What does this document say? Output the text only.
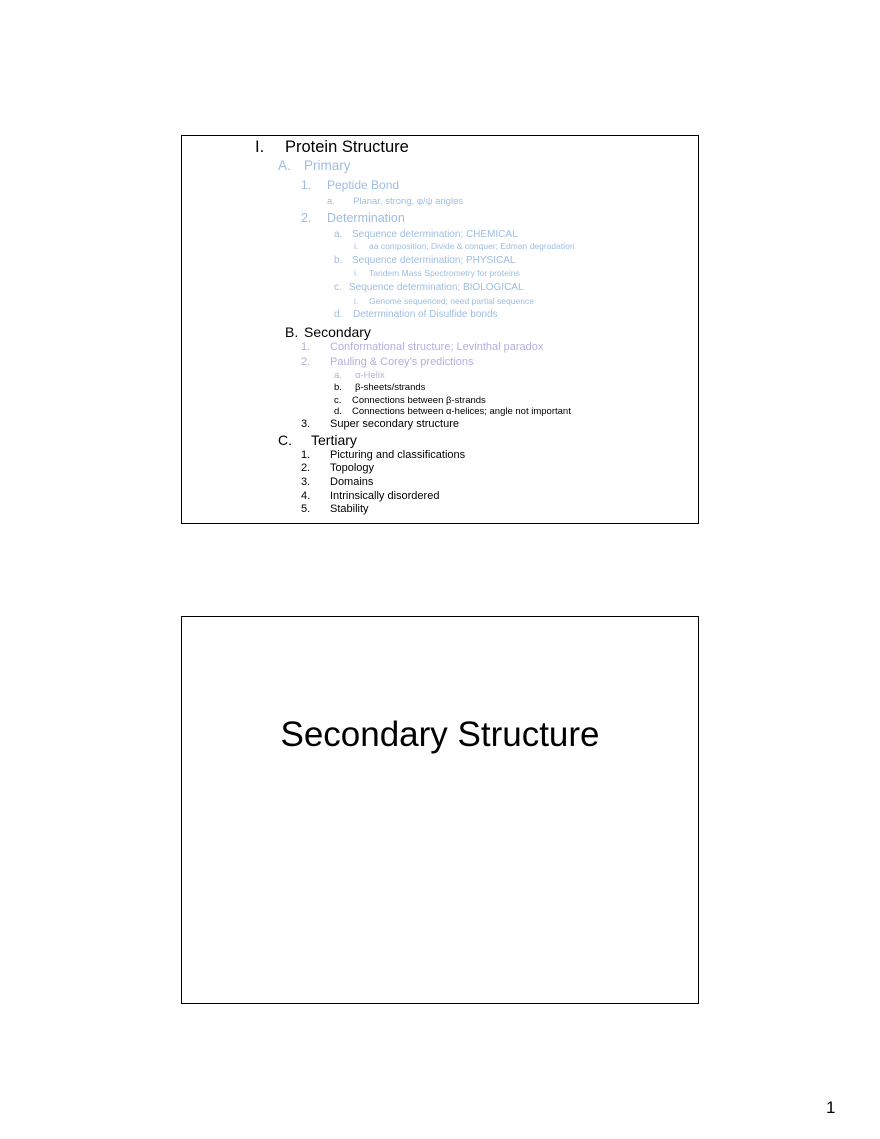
I. Protein Structure
A. Primary
1. Peptide Bond
a. Planar, strong, φ/ψ angles
2. Determination
a. Sequence determination; CHEMICAL
i. aa composition; Divide & conquer; Edman degradation
b. Sequence determination; PHYSICAL
i. Tandem Mass Spectrometry for proteins
c. Sequence determination; BIOLOGICAL
i. Genome sequenced; need partial sequence
d. Determination of Disulfide bonds
B. Secondary
1. Conformational structure; Levinthal paradox
2. Pauling & Corey’s predictions
a. α-Helix
b. β-sheets/strands
c. Connections between β-strands
d. Connections between α-helices; angle not important
3. Super secondary structure
C. Tertiary
1. Picturing and classifications
2. Topology
3. Domains
4. Intrinsically disordered
5. Stability
Secondary Structure
1
